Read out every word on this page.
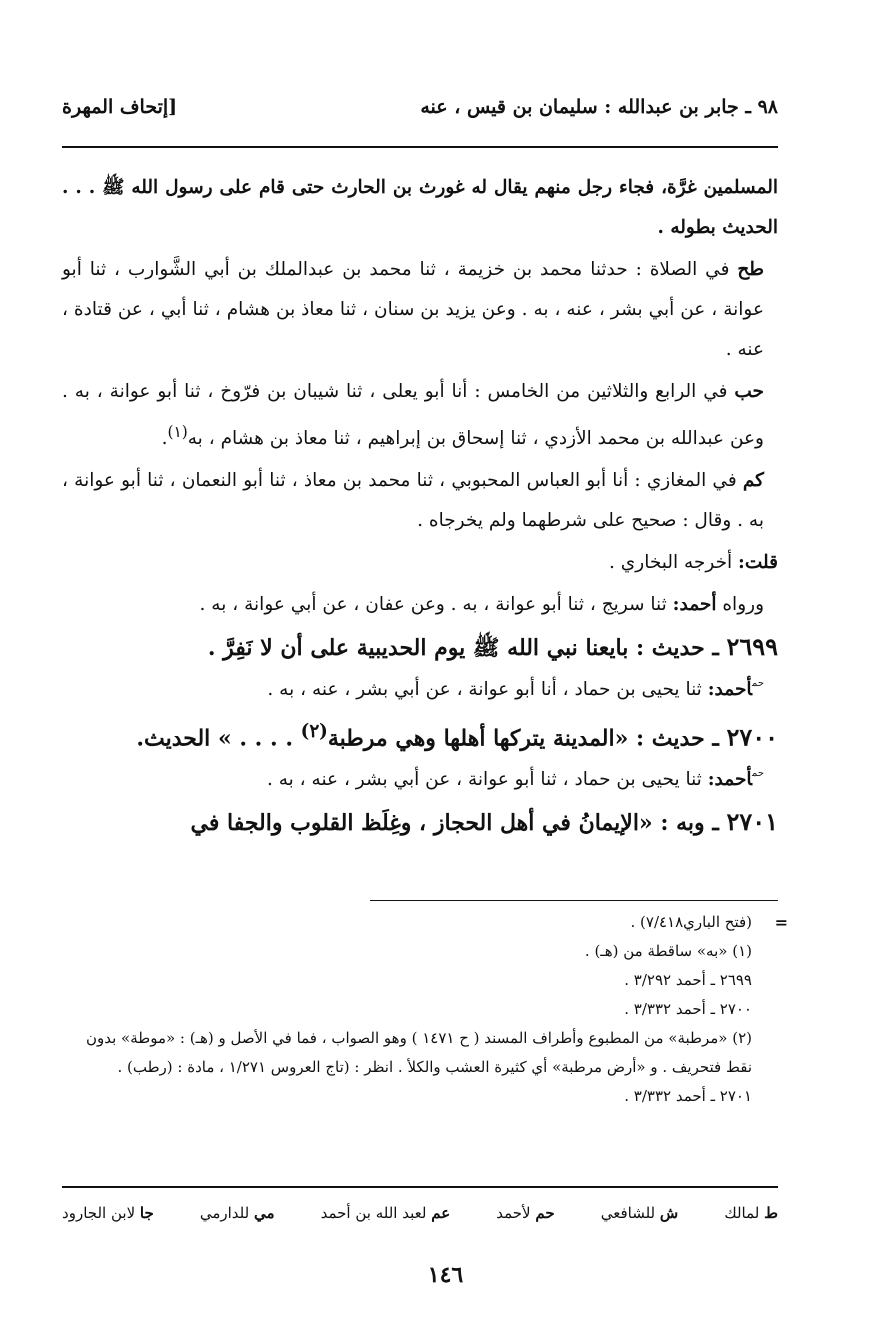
٩٨ ـ جابر بن عبدالله : سليمان بن قيس ، عنه
[إتحاف المهرة

المسلمين غرَّة، فجاء رجل منهم يقال له غورث بن الحارث حتى قام على رسول الله ﷺ . . . الحديث بطوله .

طح في الصلاة : حدثنا محمد بن خزيمة ، ثنا محمد بن عبدالملك بن أبي الشَّوارب ، ثنا أبو عوانة ، عن أبي بشر ، عنه ، به . وعن يزيد بن سنان ، ثنا معاذ بن هشام ، ثنا أبي ، عن قتادة ، عنه .

حب في الرابع والثلاثين من الخامس : أنا أبو يعلى ، ثنا شيبان بن فرّوخ ، ثنا أبو عوانة ، به . وعن عبدالله بن محمد الأزدي ، ثنا إسحاق بن إبراهيم ، ثنا معاذ بن هشام ، به$^{(١)}$.

كم في المغازي : أنا أبو العباس المحبوبي ، ثنا محمد بن معاذ ، ثنا أبو النعمان ، ثنا أبو عوانة ، به . وقال : صحيح على شرطهما ولم يخرجاه .

قلت: أخرجه البخاري .

ورواه أحمد: ثنا سريج ، ثنا أبو عوانة ، به . وعن عفان ، عن أبي عوانة ، به .

٢٦٩٩ ـ حديث : بايعنا نبي الله ﷺ يوم الحديبية على أن لا نَفِرَّ .

$^{حم}$أحمد: ثنا يحيى بن حماد ، أنا أبو عوانة ، عن أبي بشر ، عنه ، به .

٢٧٠٠ ـ حديث : «المدينة يتركها أهلها وهي مرطبة$^{(٢)}$ . . . . » الحديث.

$^{حم}$أحمد: ثنا يحيى بن حماد ، ثنا أبو عوانة ، عن أبي بشر ، عنه ، به .

٢٧٠١ ـ وبه : «الإيمانُ في أهل الحجاز ، وغِلَظ القلوب والجفا في

=
(فتح الباري٧/٤١٨) .

(١) «به» ساقطة من (هـ) .

٢٦٩٩ ـ أحمد ٣/٢٩٢ .

٢٧٠٠ ـ أحمد ٣/٣٣٢ .

(٢) «مرطبة» من المطبوع وأطراف المسند ( ح ١٤٧١ ) وهو الصواب ، فما في الأصل و (هـ) : «موطة» بدون نقط فتحريف . و «أرض مرطبة» أي كثيرة العشب والكلأ . انظر : (تاج العروس ١/٢٧١ ، مادة : (رطب) .

٢٧٠١ ـ أحمد ٣/٣٣٢ .

ط لمالك
ش للشافعي
حم لأحمد
عم لعبد الله بن أحمد
مي للدارمي
جا لابن الجارود
١٤٦
